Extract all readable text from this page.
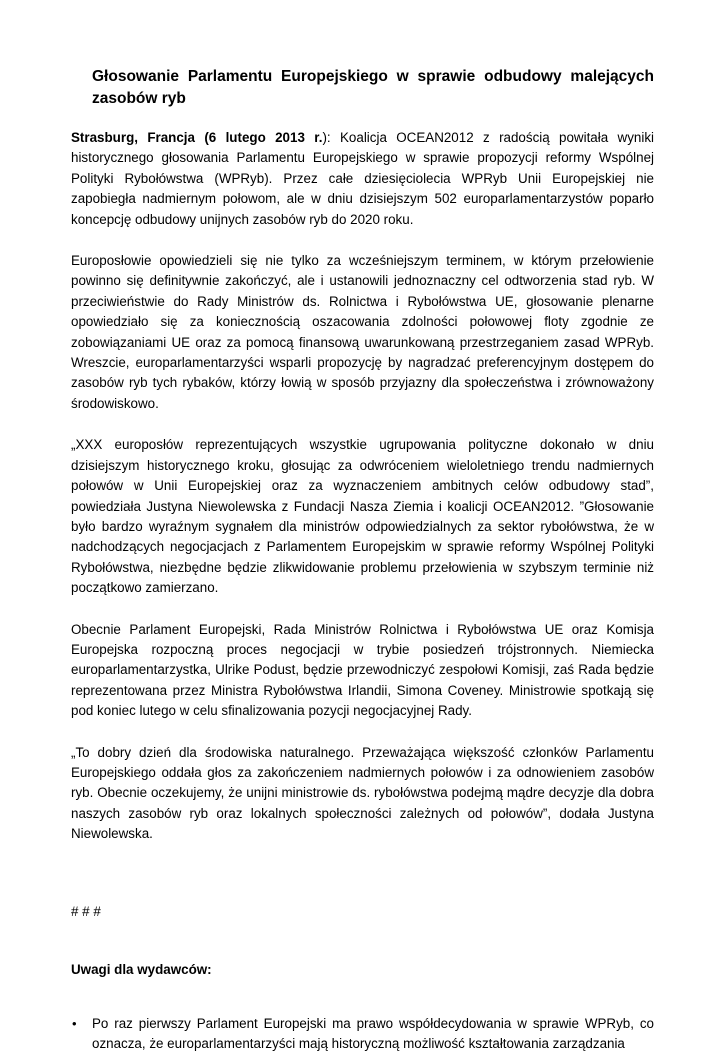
Głosowanie Parlamentu Europejskiego w sprawie odbudowy malejących zasobów ryb

Strasburg, Francja (6 lutego 2013 r.): Koalicja OCEAN2012 z radością powitała wyniki historycznego głosowania Parlamentu Europejskiego w sprawie propozycji reformy Wspólnej Polityki Rybołówstwa (WPRyb). Przez całe dziesięciolecia WPRyb Unii Europejskiej nie zapobiegła nadmiernym połowom, ale w dniu dzisiejszym 502 europarlamentarzystów poparło koncepcję odbudowy unijnych zasobów ryb do 2020 roku.

Europosłowie opowiedzieli się nie tylko za wcześniejszym terminem, w którym przełowienie powinno się definitywnie zakończyć, ale i ustanowili jednoznaczny cel odtworzenia stad ryb. W przeciwieństwie do Rady Ministrów ds. Rolnictwa i Rybołówstwa UE, głosowanie plenarne opowiedziało się za koniecznością oszacowania zdolności połowowej floty zgodnie ze zobowiązaniami UE oraz za pomocą finansową uwarunkowaną przestrzeganiem zasad WPRyb. Wreszcie, europarlamentarzyści wsparli propozycję by nagradzać preferencyjnym dostępem do zasobów ryb tych rybaków, którzy łowią w sposób przyjazny dla społeczeństwa i zrównoważony środowiskowo.

„XXX europosłów reprezentujących wszystkie ugrupowania polityczne dokonało w dniu dzisiejszym historycznego kroku, głosując za odwróceniem wieloletniego trendu nadmiernych połowów w Unii Europejskiej oraz za wyznaczeniem ambitnych celów odbudowy stad”, powiedziała Justyna Niewolewska z Fundacji Nasza Ziemia i koalicji OCEAN2012. ”Głosowanie było bardzo wyraźnym sygnałem dla ministrów odpowiedzialnych za sektor rybołówstwa, że w nadchodzących negocjacjach z Parlamentem Europejskim w sprawie reformy Wspólnej Polityki Rybołówstwa, niezbędne będzie zlikwidowanie problemu przełowienia w szybszym terminie niż początkowo zamierzano.

Obecnie Parlament Europejski, Rada Ministrów Rolnictwa i Rybołówstwa UE oraz Komisja Europejska rozpoczną proces negocjacji w trybie posiedzeń trójstronnych. Niemiecka europarlamentarzystka, Ulrike Podust, będzie przewodniczyć zespołowi Komisji, zaś Rada będzie reprezentowana przez Ministra Rybołówstwa Irlandii, Simona Coveney. Ministrowie spotkają się pod koniec lutego w celu sfinalizowania pozycji negocjacyjnej Rady.

„To dobry dzień dla środowiska naturalnego. Przeważająca większość członków Parlamentu Europejskiego oddała głos za zakończeniem nadmiernych połowów i za odnowieniem zasobów ryb. Obecnie oczekujemy, że unijni ministrowie ds. rybołówstwa podejmą mądre decyzje dla dobra naszych zasobów ryb oraz lokalnych społeczności zależnych od połowów”, dodała Justyna Niewolewska.

# # #
Uwagi dla wydawców:
• Po raz pierwszy Parlament Europejski ma prawo współdecydowania w sprawie WPRyb, co oznacza, że europarlamentarzyści mają historyczną możliwość kształtowania zarządzania
